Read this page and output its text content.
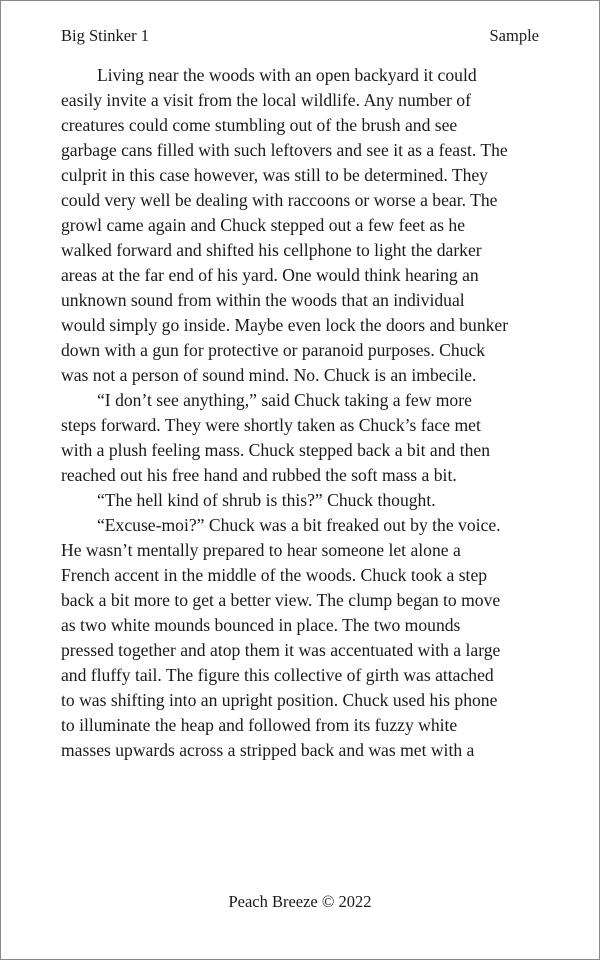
Big Stinker 1	Sample

Living near the woods with an open backyard it could easily invite a visit from the local wildlife. Any number of creatures could come stumbling out of the brush and see garbage cans filled with such leftovers and see it as a feast. The culprit in this case however, was still to be determined. They could very well be dealing with raccoons or worse a bear. The growl came again and Chuck stepped out a few feet as he walked forward and shifted his cellphone to light the darker areas at the far end of his yard. One would think hearing an unknown sound from within the woods that an individual would simply go inside. Maybe even lock the doors and bunker down with a gun for protective or paranoid purposes. Chuck was not a person of sound mind. No. Chuck is an imbecile.

“I don’t see anything,” said Chuck taking a few more steps forward. They were shortly taken as Chuck’s face met with a plush feeling mass. Chuck stepped back a bit and then reached out his free hand and rubbed the soft mass a bit.

“The hell kind of shrub is this?” Chuck thought.

“Excuse-moi?” Chuck was a bit freaked out by the voice. He wasn’t mentally prepared to hear someone let alone a French accent in the middle of the woods. Chuck took a step back a bit more to get a better view. The clump began to move as two white mounds bounced in place. The two mounds pressed together and atop them it was accentuated with a large and fluffy tail. The figure this collective of girth was attached to was shifting into an upright position. Chuck used his phone to illuminate the heap and followed from its fuzzy white masses upwards across a stripped back and was met with a

Peach Breeze © 2022
